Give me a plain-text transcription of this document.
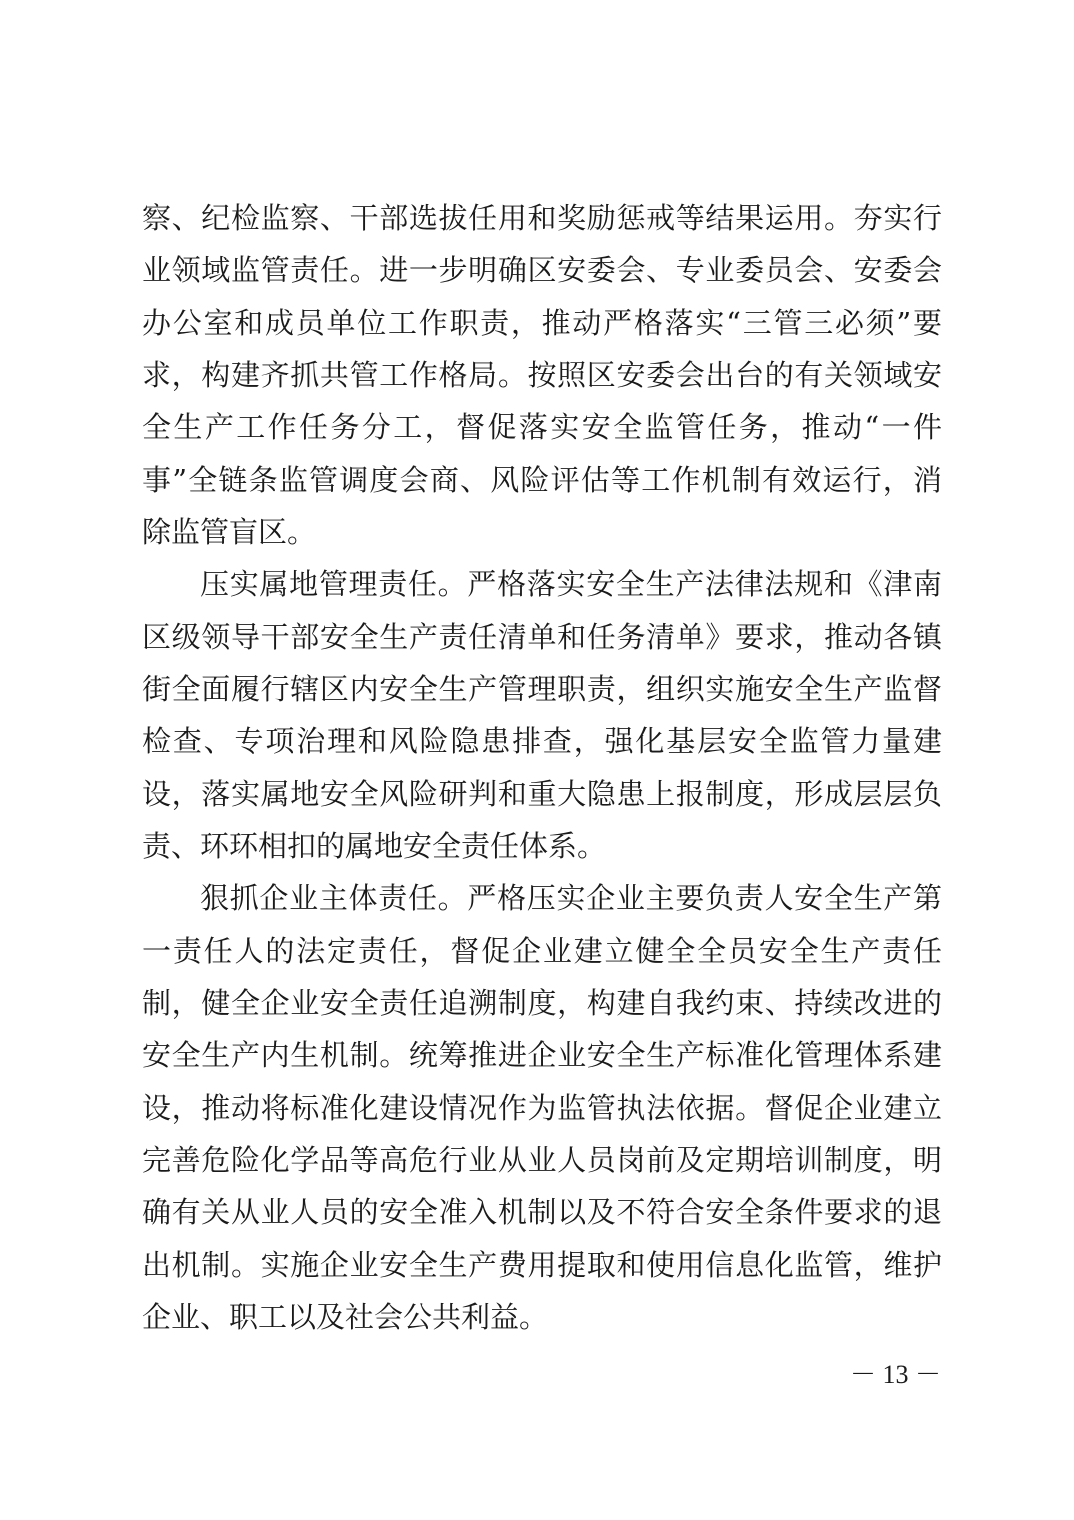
察、纪检监察、干部选拔任用和奖励惩戒等结果运用。夯实行
业领域监管责任。进一步明确区安委会、专业委员会、安委会
办公室和成员单位工作职责，推动严格落实“三管三必须”要
求，构建齐抓共管工作格局。按照区安委会出台的有关领域安
全生产工作任务分工，督促落实安全监管任务，推动“一件
事”全链条监管调度会商、风险评估等工作机制有效运行，消
除监管盲区。
压实属地管理责任。严格落实安全生产法律法规和《津南
区级领导干部安全生产责任清单和任务清单》要求，推动各镇
街全面履行辖区内安全生产管理职责，组织实施安全生产监督
检查、专项治理和风险隐患排查，强化基层安全监管力量建
设，落实属地安全风险研判和重大隐患上报制度，形成层层负
责、环环相扣的属地安全责任体系。
狠抓企业主体责任。严格压实企业主要负责人安全生产第
一责任人的法定责任，督促企业建立健全全员安全生产责任
制，健全企业安全责任追溯制度，构建自我约束、持续改进的
安全生产内生机制。统筹推进企业安全生产标准化管理体系建
设，推动将标准化建设情况作为监管执法依据。督促企业建立
完善危险化学品等高危行业从业人员岗前及定期培训制度，明
确有关从业人员的安全准入机制以及不符合安全条件要求的退
出机制。实施企业安全生产费用提取和使用信息化监管，维护
企业、职工以及社会公共利益。
－ 13 －
